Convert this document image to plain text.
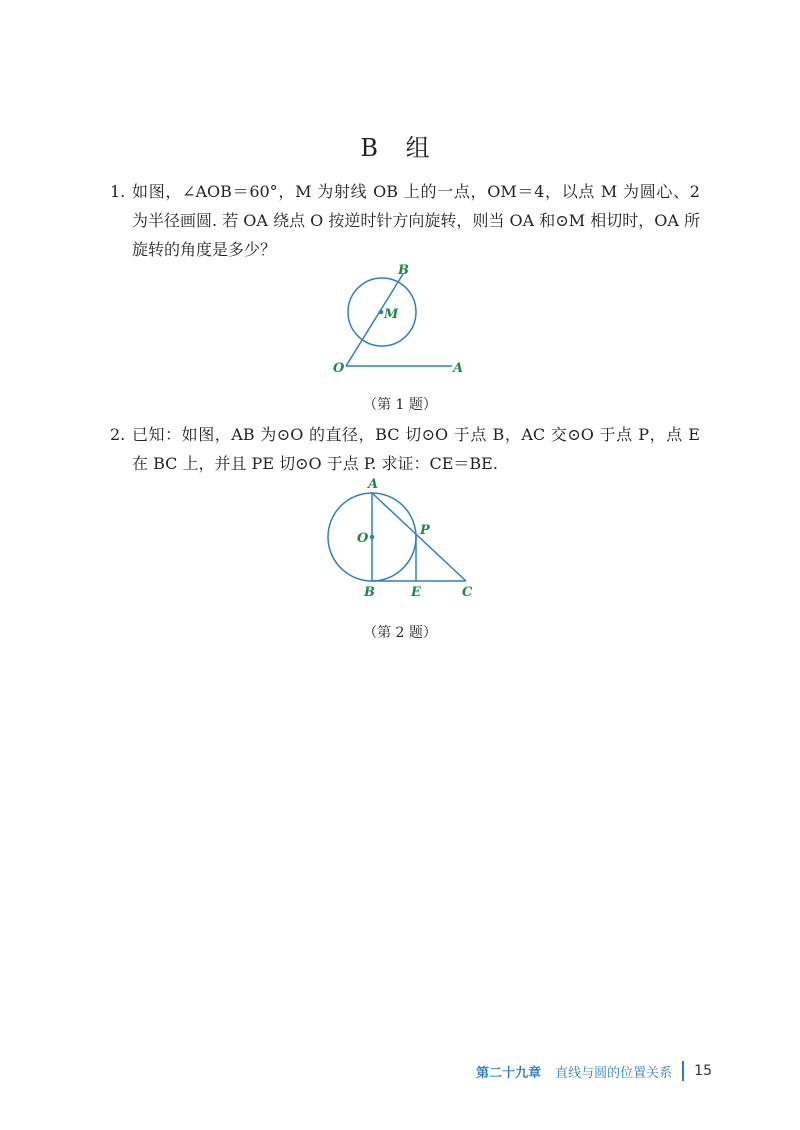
B 组
1. 如图，∠AOB＝60°，M 为射线 OB 上的一点，OM＝4，以点 M 为圆心、2 为半径画圆. 若 OA 绕点 O 按逆时针方向旋转，则当 OA 和⊙M 相切时，OA 所旋转的角度是多少？
B
M
O	A
（第 1 题）
2. 已知：如图，AB 为⊙O 的直径，BC 切⊙O 于点 B，AC 交⊙O 于点 P，点 E 在 BC 上，并且 PE 切⊙O 于点 P. 求证：CE＝BE.
A
O
P
B	E	C
（第 2 题）
第二十九章 直线与圆的位置关系 15
